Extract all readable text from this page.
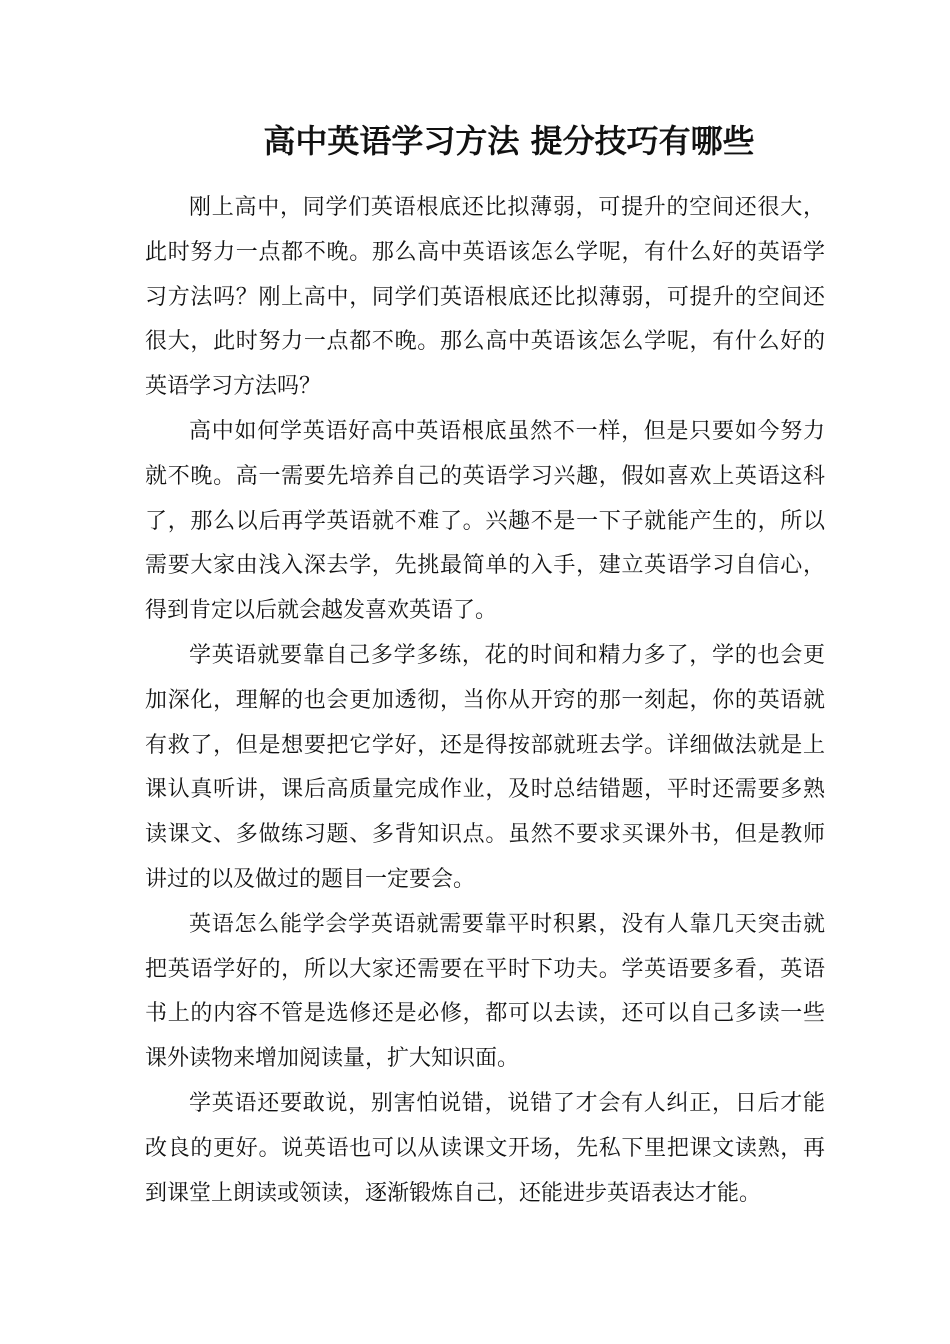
高中英语学习方法 提分技巧有哪些

刚上高中，同学们英语根底还比拟薄弱，可提升的空间还很大，此时努力一点都不晚。那么高中英语该怎么学呢，有什么好的英语学习方法吗？刚上高中，同学们英语根底还比拟薄弱，可提升的空间还很大，此时努力一点都不晚。那么高中英语该怎么学呢，有什么好的英语学习方法吗？

高中如何学英语好高中英语根底虽然不一样，但是只要如今努力就不晚。高一需要先培养自己的英语学习兴趣，假如喜欢上英语这科了，那么以后再学英语就不难了。兴趣不是一下子就能产生的，所以需要大家由浅入深去学，先挑最简单的入手，建立英语学习自信心，得到肯定以后就会越发喜欢英语了。

学英语就要靠自己多学多练，花的时间和精力多了，学的也会更加深化，理解的也会更加透彻，当你从开窍的那一刻起，你的英语就有救了，但是想要把它学好，还是得按部就班去学。详细做法就是上课认真听讲，课后高质量完成作业，及时总结错题，平时还需要多熟读课文、多做练习题、多背知识点。虽然不要求买课外书，但是教师讲过的以及做过的题目一定要会。

英语怎么能学会学英语就需要靠平时积累，没有人靠几天突击就把英语学好的，所以大家还需要在平时下功夫。学英语要多看，英语书上的内容不管是选修还是必修，都可以去读，还可以自己多读一些课外读物来增加阅读量，扩大知识面。

学英语还要敢说，别害怕说错，说错了才会有人纠正，日后才能改良的更好。说英语也可以从读课文开场，先私下里把课文读熟，再到课堂上朗读或领读，逐渐锻炼自己，还能进步英语表达才能。
